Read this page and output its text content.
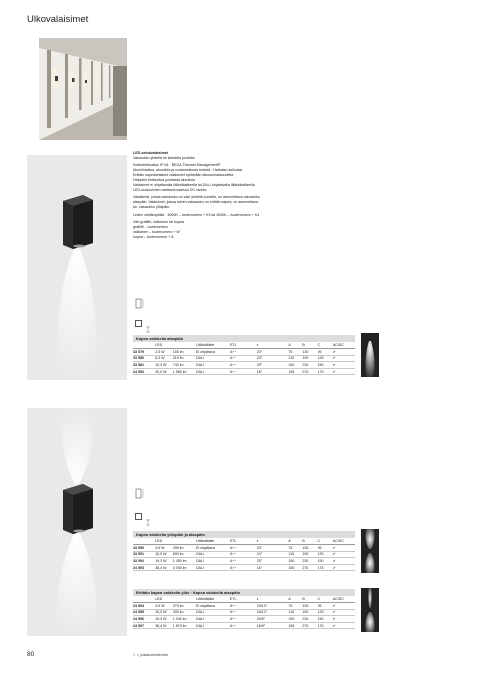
Ulkovalaisimet

LED-seinävalaisimet
Valoaukko yhdellä tai kahdella puolella

Kotelointiluokka: IP 64 · BEGA Thermal Management®
Alumiinivalua, alumiinia ja ruostumatonta terästä · Harkaisu suikulasi
Erittäin kapeakeilaiset valaisimet syötetään alkuominaisuudelta
Heijastin eloksoitua puhdasta alumiinia
Valaisimet ei ohjattavalla liitäntälaitteella tai DALI-ohjattavalla liitäntälaitteella
LED-moduuleilen asettautuvaa/kuu DC rauhta

Valaisimet, joissa valoaukko on vain yhdellä puolella, on asennettava valoaukko
alaspäin. Valaisimet, joissa toinen valoaukko on erittäin kapea, on asennettava
ko. valoaukko ylöspäin.

Leden värilämpötila · 3000K – tuotenumero + K3 tai 4000K – tuotenumero + K4

Väri grafiitti, valkoinen tai hopea
grafiitti – tuotenumero
valkoinen – tuotenumero + W
hopea – tuotenumero + A

Kapea valokeila alaspäin
	LED		Liitäntälaite	ETL	ε	A	B	C	AC/DC
33 579	2,5 W	155 lm	Ei ohjattava	A⁺⁺	23°	75	130	95	✔
33 580	6,3 W	315 lm	DALI	A⁺⁺	24°	110	190	125	✔
33 581	10,3 W	740 lm	DALI	A⁺⁺	20°	150	230	150	✔
24 592	20,0 W	1 580 lm	DALI	A⁺⁺	16°	155	270	175	✔
Kapea valokeila ylöspäin ja alaspäin
	LED		Liitäntälaite	ETL	ε	A	B	C	AC/DC
33 590	4,9 W	295 lm	Ei ohjattava	A⁺⁺	23°	75	130	95	✔
33 591	10,5 W	600 lm	DALI	A⁺⁺	24°	110	190	125	✔
33 592	19,3 W	1 450 lm	DALI	A⁺⁺	20°	150	230	150	✔
24 593	38,4 W	3 000 lm	DALI	A⁺⁺	16°	155	270	175	✔
Erittäin kapea valokeila ylös · Kapea valokeila alaspäin
	LED		Liitäntälaite	ETL	ε	A	B	C	AC/DC
24 594	4,9 W	275 lm	Ei ohjattava	A⁺⁺	20/13°	75	130	95	✔
24 595	10,5 W	435 lm	DALI	A⁺⁺	16/12°	110	190	125	✔
24 596	19,3 W	1 040 lm	DALI	A⁺⁺	20/9°	150	230	150	✔
24 597	38,4 W	1 870 lm	DALI	A⁺⁺	16/9°	155	270	175	✔
80	✓ = julkaisukohteesta
